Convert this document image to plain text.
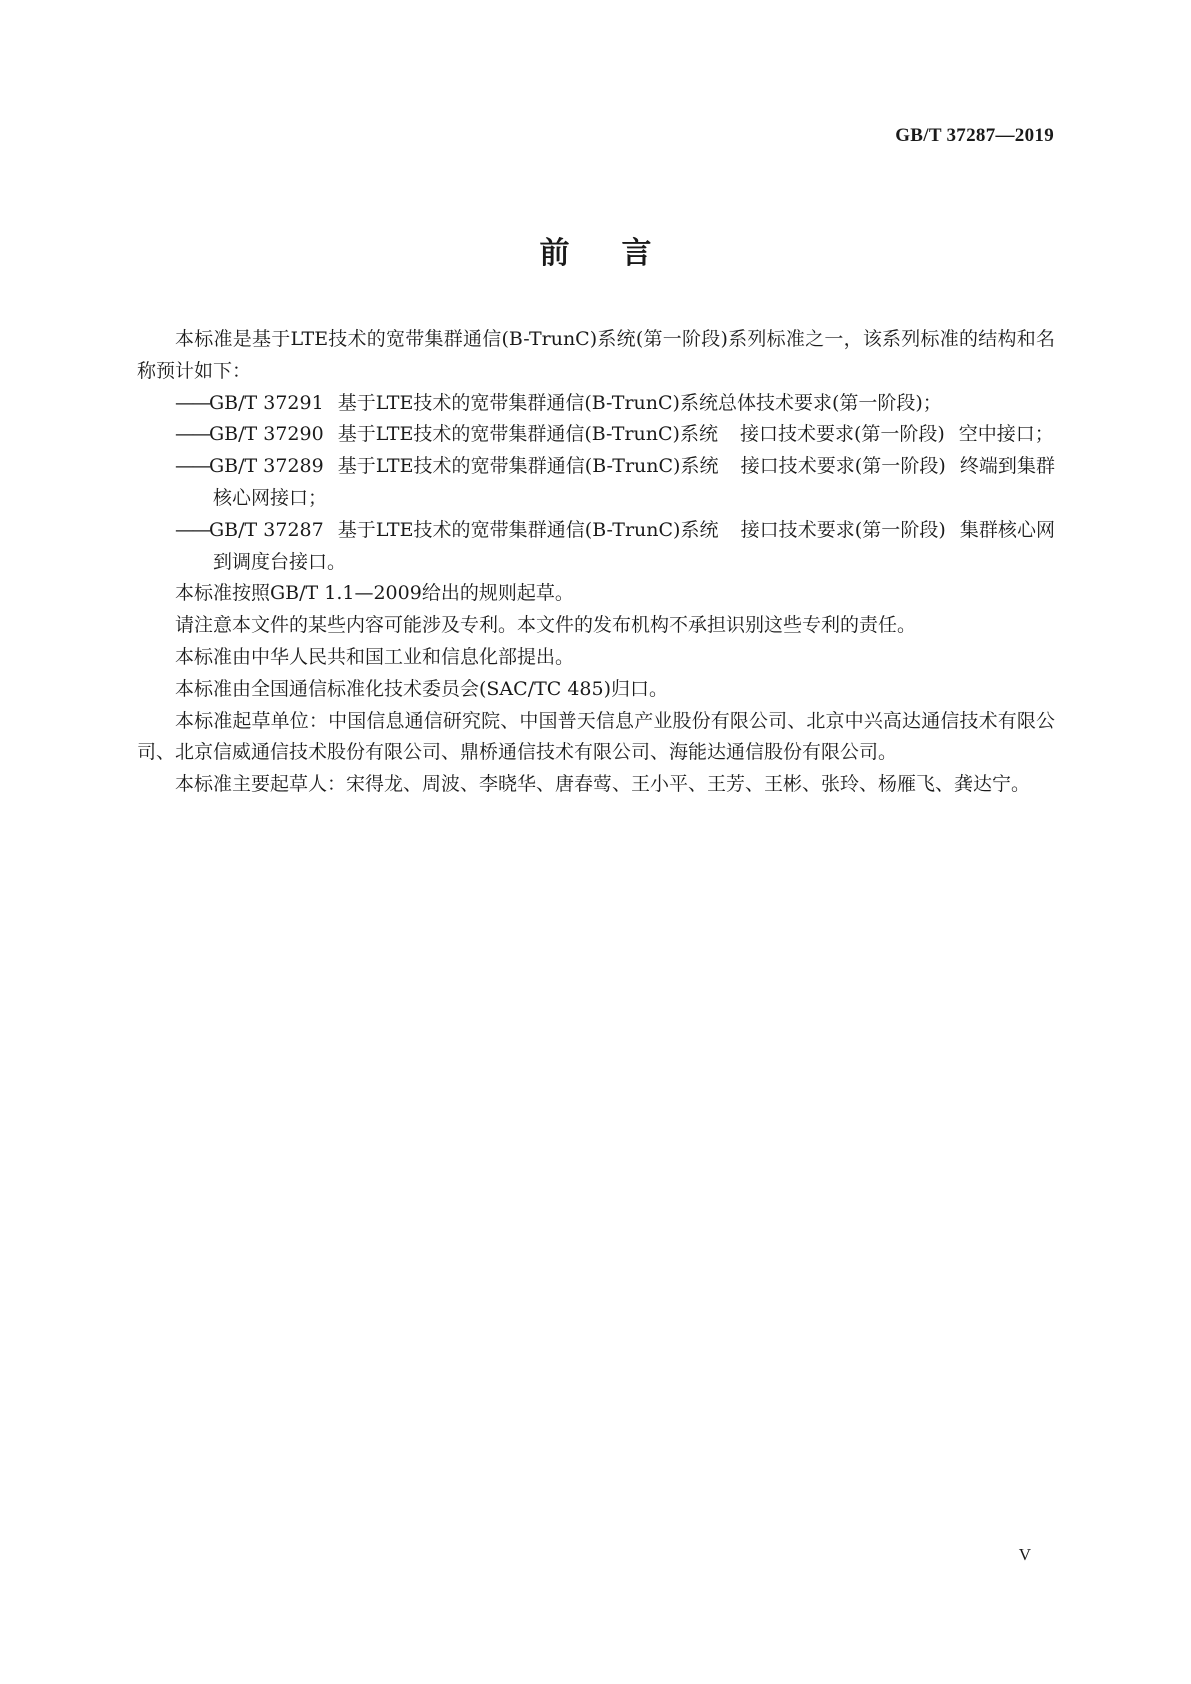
GB/T 37287—2019
前言

本标准是基于LTE技术的宽带集群通信(B-TrunC)系统(第一阶段)系列标准之一，该系列标准的结构和名称预计如下：

——GB/T 37291 基于LTE技术的宽带集群通信(B-TrunC)系统总体技术要求(第一阶段)；

——GB/T 37290 基于LTE技术的宽带集群通信(B-TrunC)系统 接口技术要求(第一阶段) 空中接口；

——GB/T 37289 基于LTE技术的宽带集群通信(B-TrunC)系统 接口技术要求(第一阶段) 终端到集群核心网接口；

——GB/T 37287 基于LTE技术的宽带集群通信(B-TrunC)系统 接口技术要求(第一阶段) 集群核心网到调度台接口。

本标准按照GB/T 1.1—2009给出的规则起草。

请注意本文件的某些内容可能涉及专利。本文件的发布机构不承担识别这些专利的责任。

本标准由中华人民共和国工业和信息化部提出。

本标准由全国通信标准化技术委员会(SAC/TC 485)归口。

本标准起草单位：中国信息通信研究院、中国普天信息产业股份有限公司、北京中兴高达通信技术有限公司、北京信威通信技术股份有限公司、鼎桥通信技术有限公司、海能达通信股份有限公司。

本标准主要起草人：宋得龙、周波、李晓华、唐春莺、王小平、王芳、王彬、张玲、杨雁飞、龚达宁。

V
